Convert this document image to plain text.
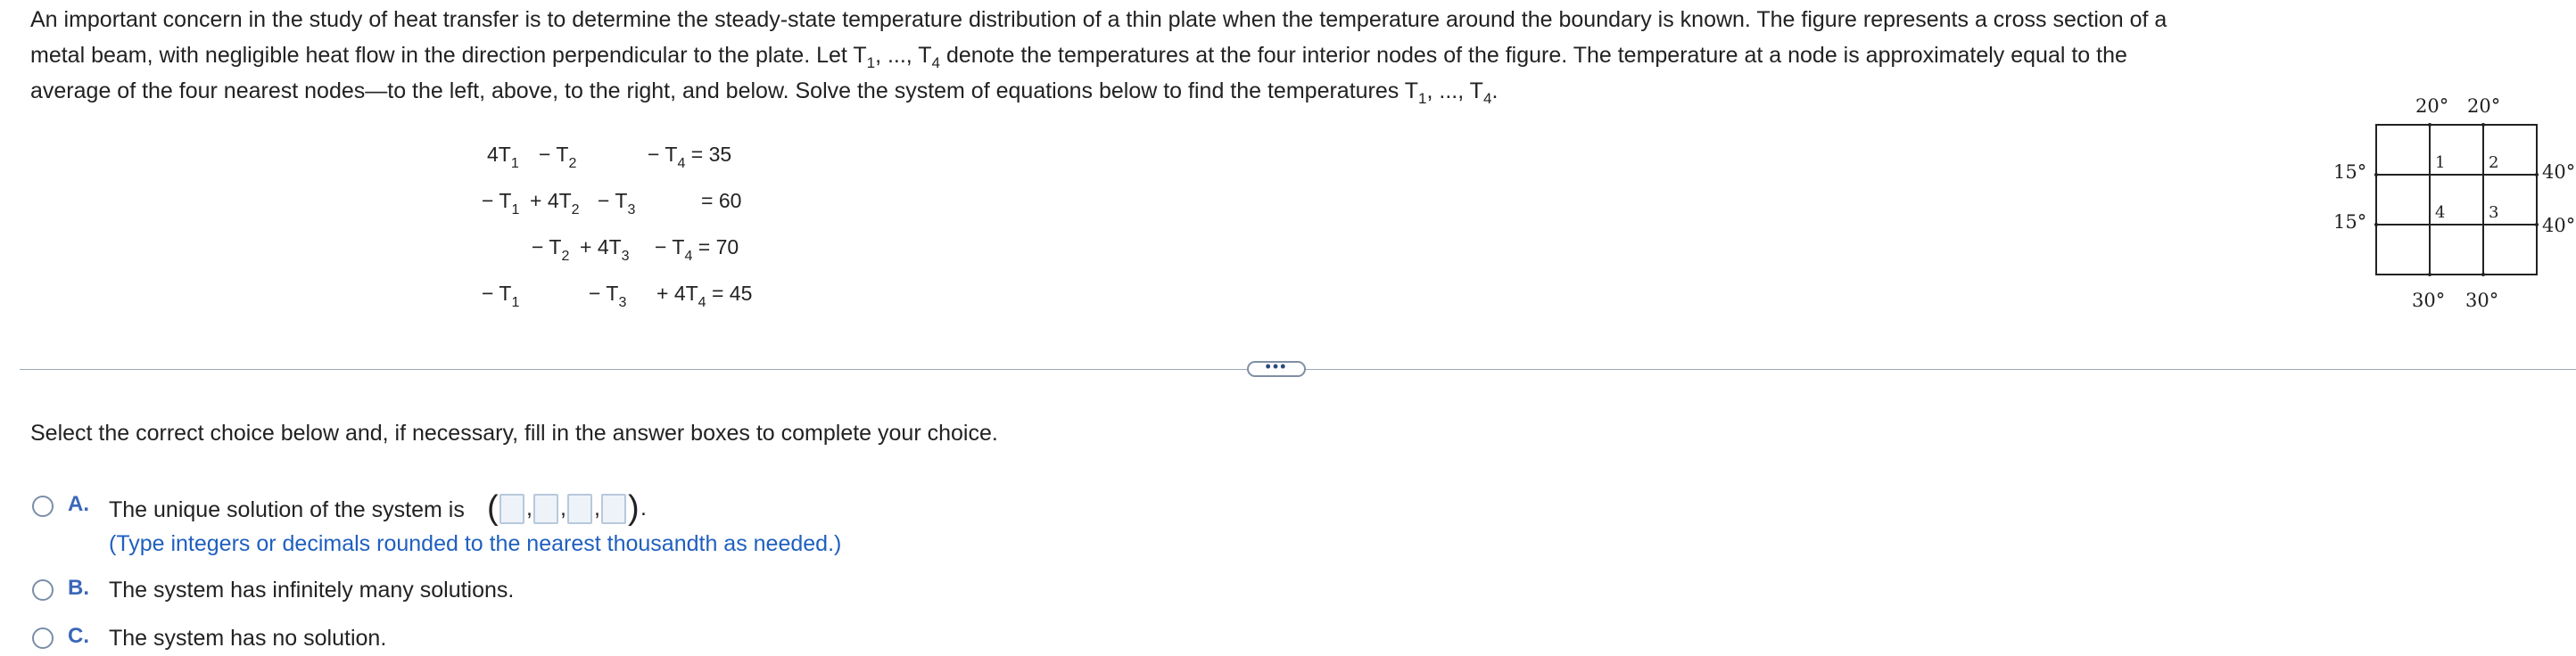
An important concern in the study of heat transfer is to determine the steady-state temperature distribution of a thin plate when the temperature around the boundary is known. The figure represents a cross section of a
metal beam, with negligible heat flow in the direction perpendicular to the plate. Let $T_1$, ..., $T_4$ denote the temperatures at the four interior nodes of the figure. The temperature at a node is approximately equal to the
average of the four nearest nodes—to the left, above, to the right, and below. Solve the system of equations below to find the temperatures $T_1$, ..., $T_4$.
$4T_1 - T_2$	− $T_4 = 35$
− $T_1 + 4T_2 - T_3$	= 60
− $T_2 + 4T_3 - T_4 = 70$
− $T_1$	− $T_3 + 4T_4 = 45$
20° 20°
15°
15°
40°
40°
30° 30°
1	2
3
4
•••
Select the correct choice below and, if necessary, fill in the answer boxes to complete your choice.
A. The unique solution of the system is ( , , , ) .
(Type integers or decimals rounded to the nearest thousandth as needed.)
B. The system has infinitely many solutions.
C. The system has no solution.
